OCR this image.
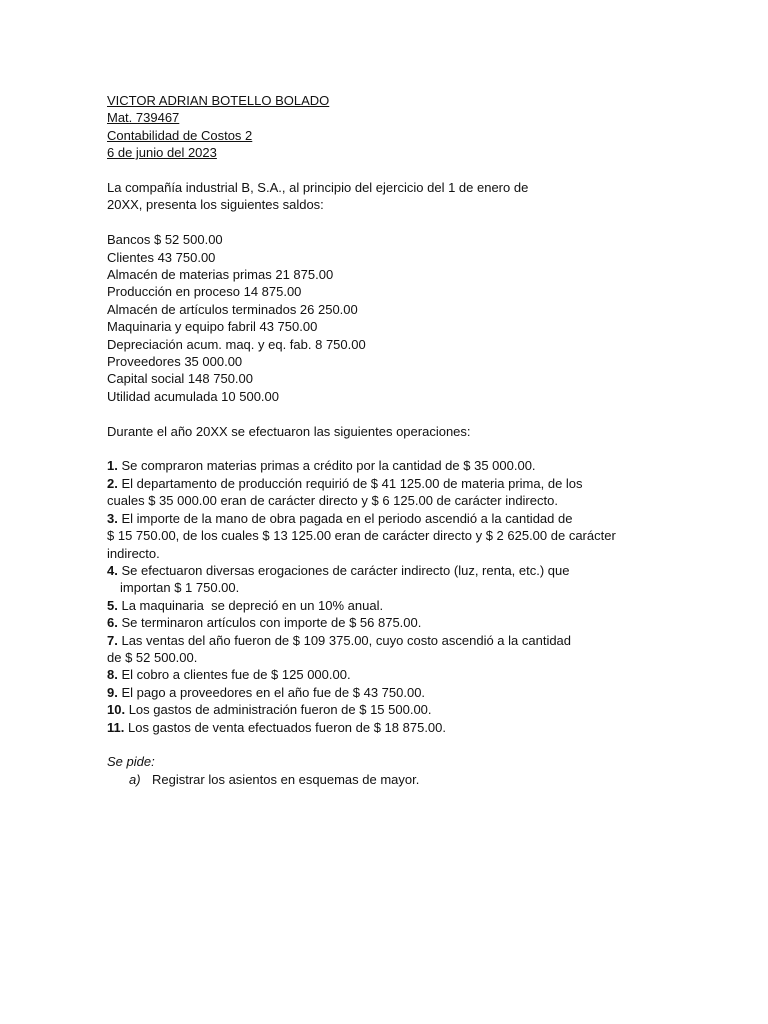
VICTOR ADRIAN BOTELLO BOLADO
Mat. 739467
Contabilidad de Costos 2
6 de junio del 2023
La compañía industrial B, S.A., al principio del ejercicio del 1 de enero de
20XX, presenta los siguientes saldos:
Bancos $ 52 500.00
Clientes 43 750.00
Almacén de materias primas 21 875.00
Producción en proceso 14 875.00
Almacén de artículos terminados 26 250.00
Maquinaria y equipo fabril 43 750.00
Depreciación acum. maq. y eq. fab. 8 750.00
Proveedores 35 000.00
Capital social 148 750.00
Utilidad acumulada 10 500.00
Durante el año 20XX se efectuaron las siguientes operaciones:
1. Se compraron materias primas a crédito por la cantidad de $ 35 000.00.
2. El departamento de producción requirió de $ 41 125.00 de materia prima, de los
cuales $ 35 000.00 eran de carácter directo y $ 6 125.00 de carácter indirecto.
3. El importe de la mano de obra pagada en el periodo ascendió a la cantidad de
$ 15 750.00, de los cuales $ 13 125.00 eran de carácter directo y $ 2 625.00 de carácter
indirecto.
4. Se efectuaron diversas erogaciones de carácter indirecto (luz, renta, etc.) que
importan $ 1 750.00.
5. La maquinaria  se depreció en un 10% anual.
6. Se terminaron artículos con importe de $ 56 875.00.
7. Las ventas del año fueron de $ 109 375.00, cuyo costo ascendió a la cantidad
de $ 52 500.00.
8. El cobro a clientes fue de $ 125 000.00.
9. El pago a proveedores en el año fue de $ 43 750.00.
10. Los gastos de administración fueron de $ 15 500.00.
11. Los gastos de venta efectuados fueron de $ 18 875.00.
Se pide:
a) Registrar los asientos en esquemas de mayor.
